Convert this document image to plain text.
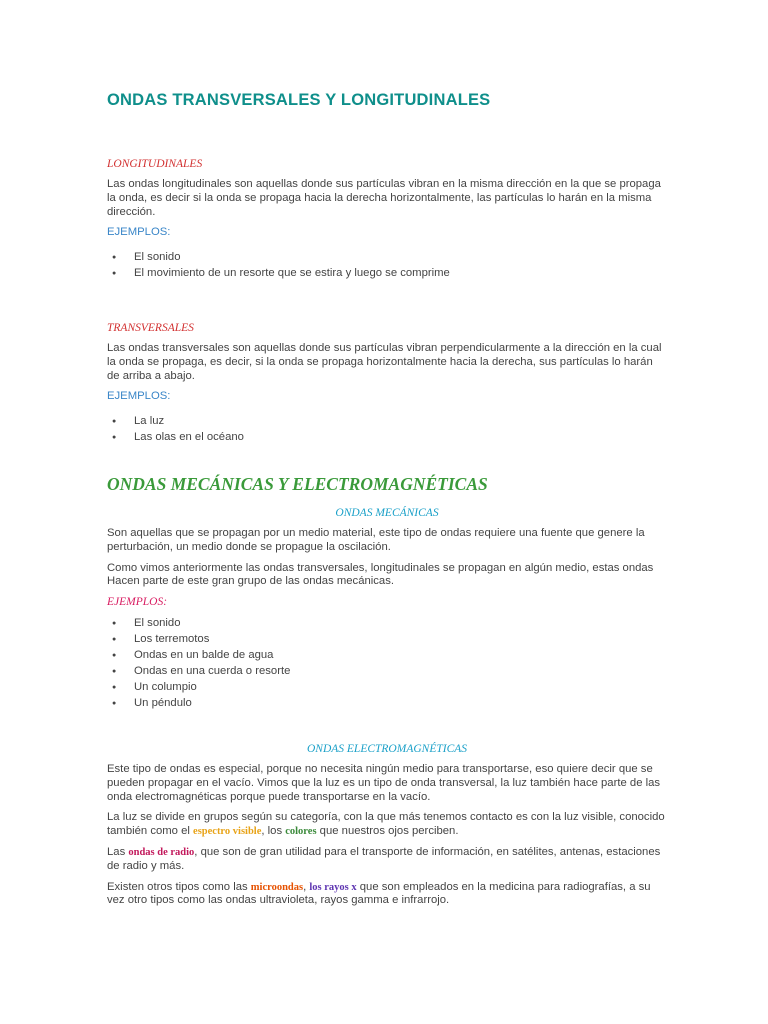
ONDAS TRANSVERSALES Y LONGITUDINALES

LONGITUDINALES

Las ondas longitudinales son aquellas donde sus partículas vibran en la misma dirección en la que se propaga la onda, es decir si la onda se propaga hacia la derecha horizontalmente, las partículas lo harán en la misma dirección.

EJEMPLOS:

● El sonido
● El movimiento de un resorte que se estira y luego se comprime

TRANSVERSALES

Las ondas transversales son aquellas donde sus partículas vibran perpendicularmente a la dirección en la cual la onda se propaga, es decir, si la onda se propaga horizontalmente hacia la derecha, sus partículas lo harán de arriba a abajo.

EJEMPLOS:

● La luz
● Las olas en el océano
ONDAS MECÁNICAS Y ELECTROMAGNÉTICAS

ONDAS MECÁNICAS

Son aquellas que se propagan por un medio material, este tipo de ondas requiere una fuente que genere la perturbación, un medio donde se propague la oscilación.

Como vimos anteriormente las ondas transversales, longitudinales se propagan en algún medio, estas ondas Hacen parte de este gran grupo de las ondas mecánicas.

EJEMPLOS:

● El sonido
● Los terremotos
● Ondas en un balde de agua
● Ondas en una cuerda o resorte
● Un columpio
● Un péndulo

ONDAS ELECTROMAGNÉTICAS

Este tipo de ondas es especial, porque no necesita ningún medio para transportarse, eso quiere decir que se pueden propagar en el vacío. Vimos que la luz es un tipo de onda transversal, la luz también hace parte de las onda electromagnéticas porque puede transportarse en la vacío.

La luz se divide en grupos según su categoría, con la que más tenemos contacto es con la luz visible, conocido también como el espectro visible, los colores que nuestros ojos perciben.

Las ondas de radio, que son de gran utilidad para el transporte de información, en satélites, antenas, estaciones de radio y más.

Existen otros tipos como las microondas, los rayos x que son empleados en la medicina para radiografías, a su vez otro tipos como las ondas ultravioleta, rayos gamma e infrarrojo.
